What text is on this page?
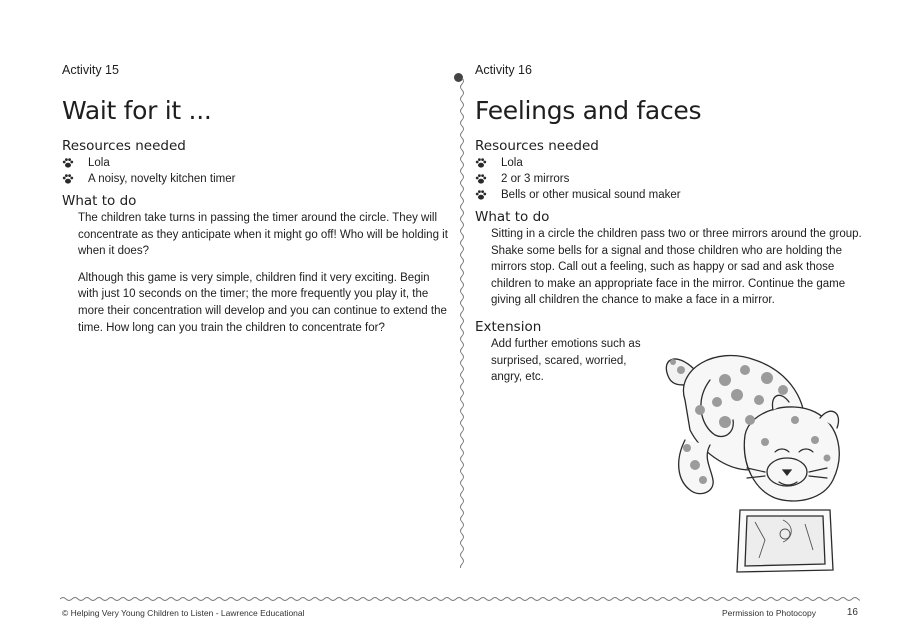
Activity 15
Wait for it ...
Resources needed
Lola
A noisy, novelty kitchen timer
What to do

The children take turns in passing the timer around the circle. They will concentrate as they anticipate when it might go off! Who will be holding it when it does?

Although this game is very simple, children find it very exciting. Begin with just 10 seconds on the timer; the more frequently you play it, the more their concentration will develop and you can continue to extend the time. How long can you train the children to concentrate for?

Activity 16
Feelings and faces
Resources needed
Lola
2 or 3 mirrors
Bells or other musical sound maker
What to do

Sitting in a circle the children pass two or three mirrors around the group. Shake some bells for a signal and those children who are holding the mirrors stop. Call out a feeling, such as happy or sad and ask those children to make an appropriate face in the mirror. Continue the game giving all children the chance to make a face in a mirror.

Extension

Add further emotions such as surprised, scared, worried, angry, etc.

© Helping Very Young Children to Listen - Lawrence Educational	Permission to Photocopy	16
